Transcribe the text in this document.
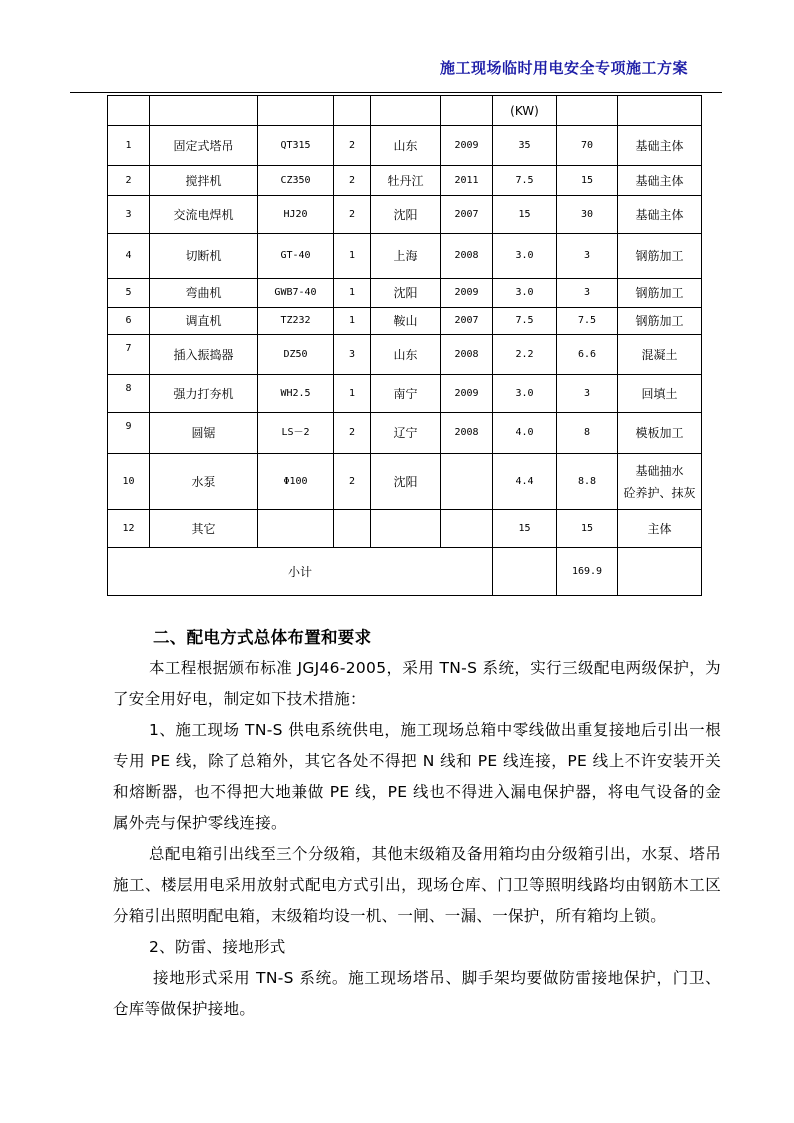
施工现场临时用电安全专项施工方案
						(KW)		
1	固定式塔吊	QT315	2	山东	2009	35	70	基础主体
2	搅拌机	CZ350	2	牡丹江	2011	7.5	15	基础主体
3	交流电焊机	HJ20	2	沈阳	2007	15	30	基础主体
4	切断机	GT-40	1	上海	2008	3.0	3	钢筋加工
5	弯曲机	GWB7-40	1	沈阳	2009	3.0	3	钢筋加工
6	调直机	TZ232	1	鞍山	2007	7.5	7.5	钢筋加工
7	插入振捣器	DZ50	3	山东	2008	2.2	6.6	混凝土
8	强力打夯机	WH2.5	1	南宁	2009	3.0	3	回填土
9	圆锯	LS－2	2	辽宁	2008	4.0	8	模板加工
10	水泵	Φ100	2	沈阳		4.4	8.8	基础抽水
砼养护、抹灰

12	其它					15	15	主体
小计							169.9	

二、配电方式总体布置和要求

本工程根据颁布标准 JGJ46-2005，采用 TN-S 系统，实行三级配电两级保护，为了安全用好电，制定如下技术措施：

1、施工现场 TN-S 供电系统供电，施工现场总箱中零线做出重复接地后引出一根专用 PE 线，除了总箱外，其它各处不得把 N 线和 PE 线连接，PE 线上不许安装开关和熔断器，也不得把大地兼做 PE 线，PE 线也不得进入漏电保护器，将电气设备的金属外壳与保护零线连接。

总配电箱引出线至三个分级箱，其他末级箱及备用箱均由分级箱引出，水泵、塔吊施工、楼层用电采用放射式配电方式引出，现场仓库、门卫等照明线路均由钢筋木工区分箱引出照明配电箱，末级箱均设一机、一闸、一漏、一保护，所有箱均上锁。

2、防雷、接地形式

接地形式采用 TN-S 系统。施工现场塔吊、脚手架均要做防雷接地保护，门卫、仓库等做保护接地。
